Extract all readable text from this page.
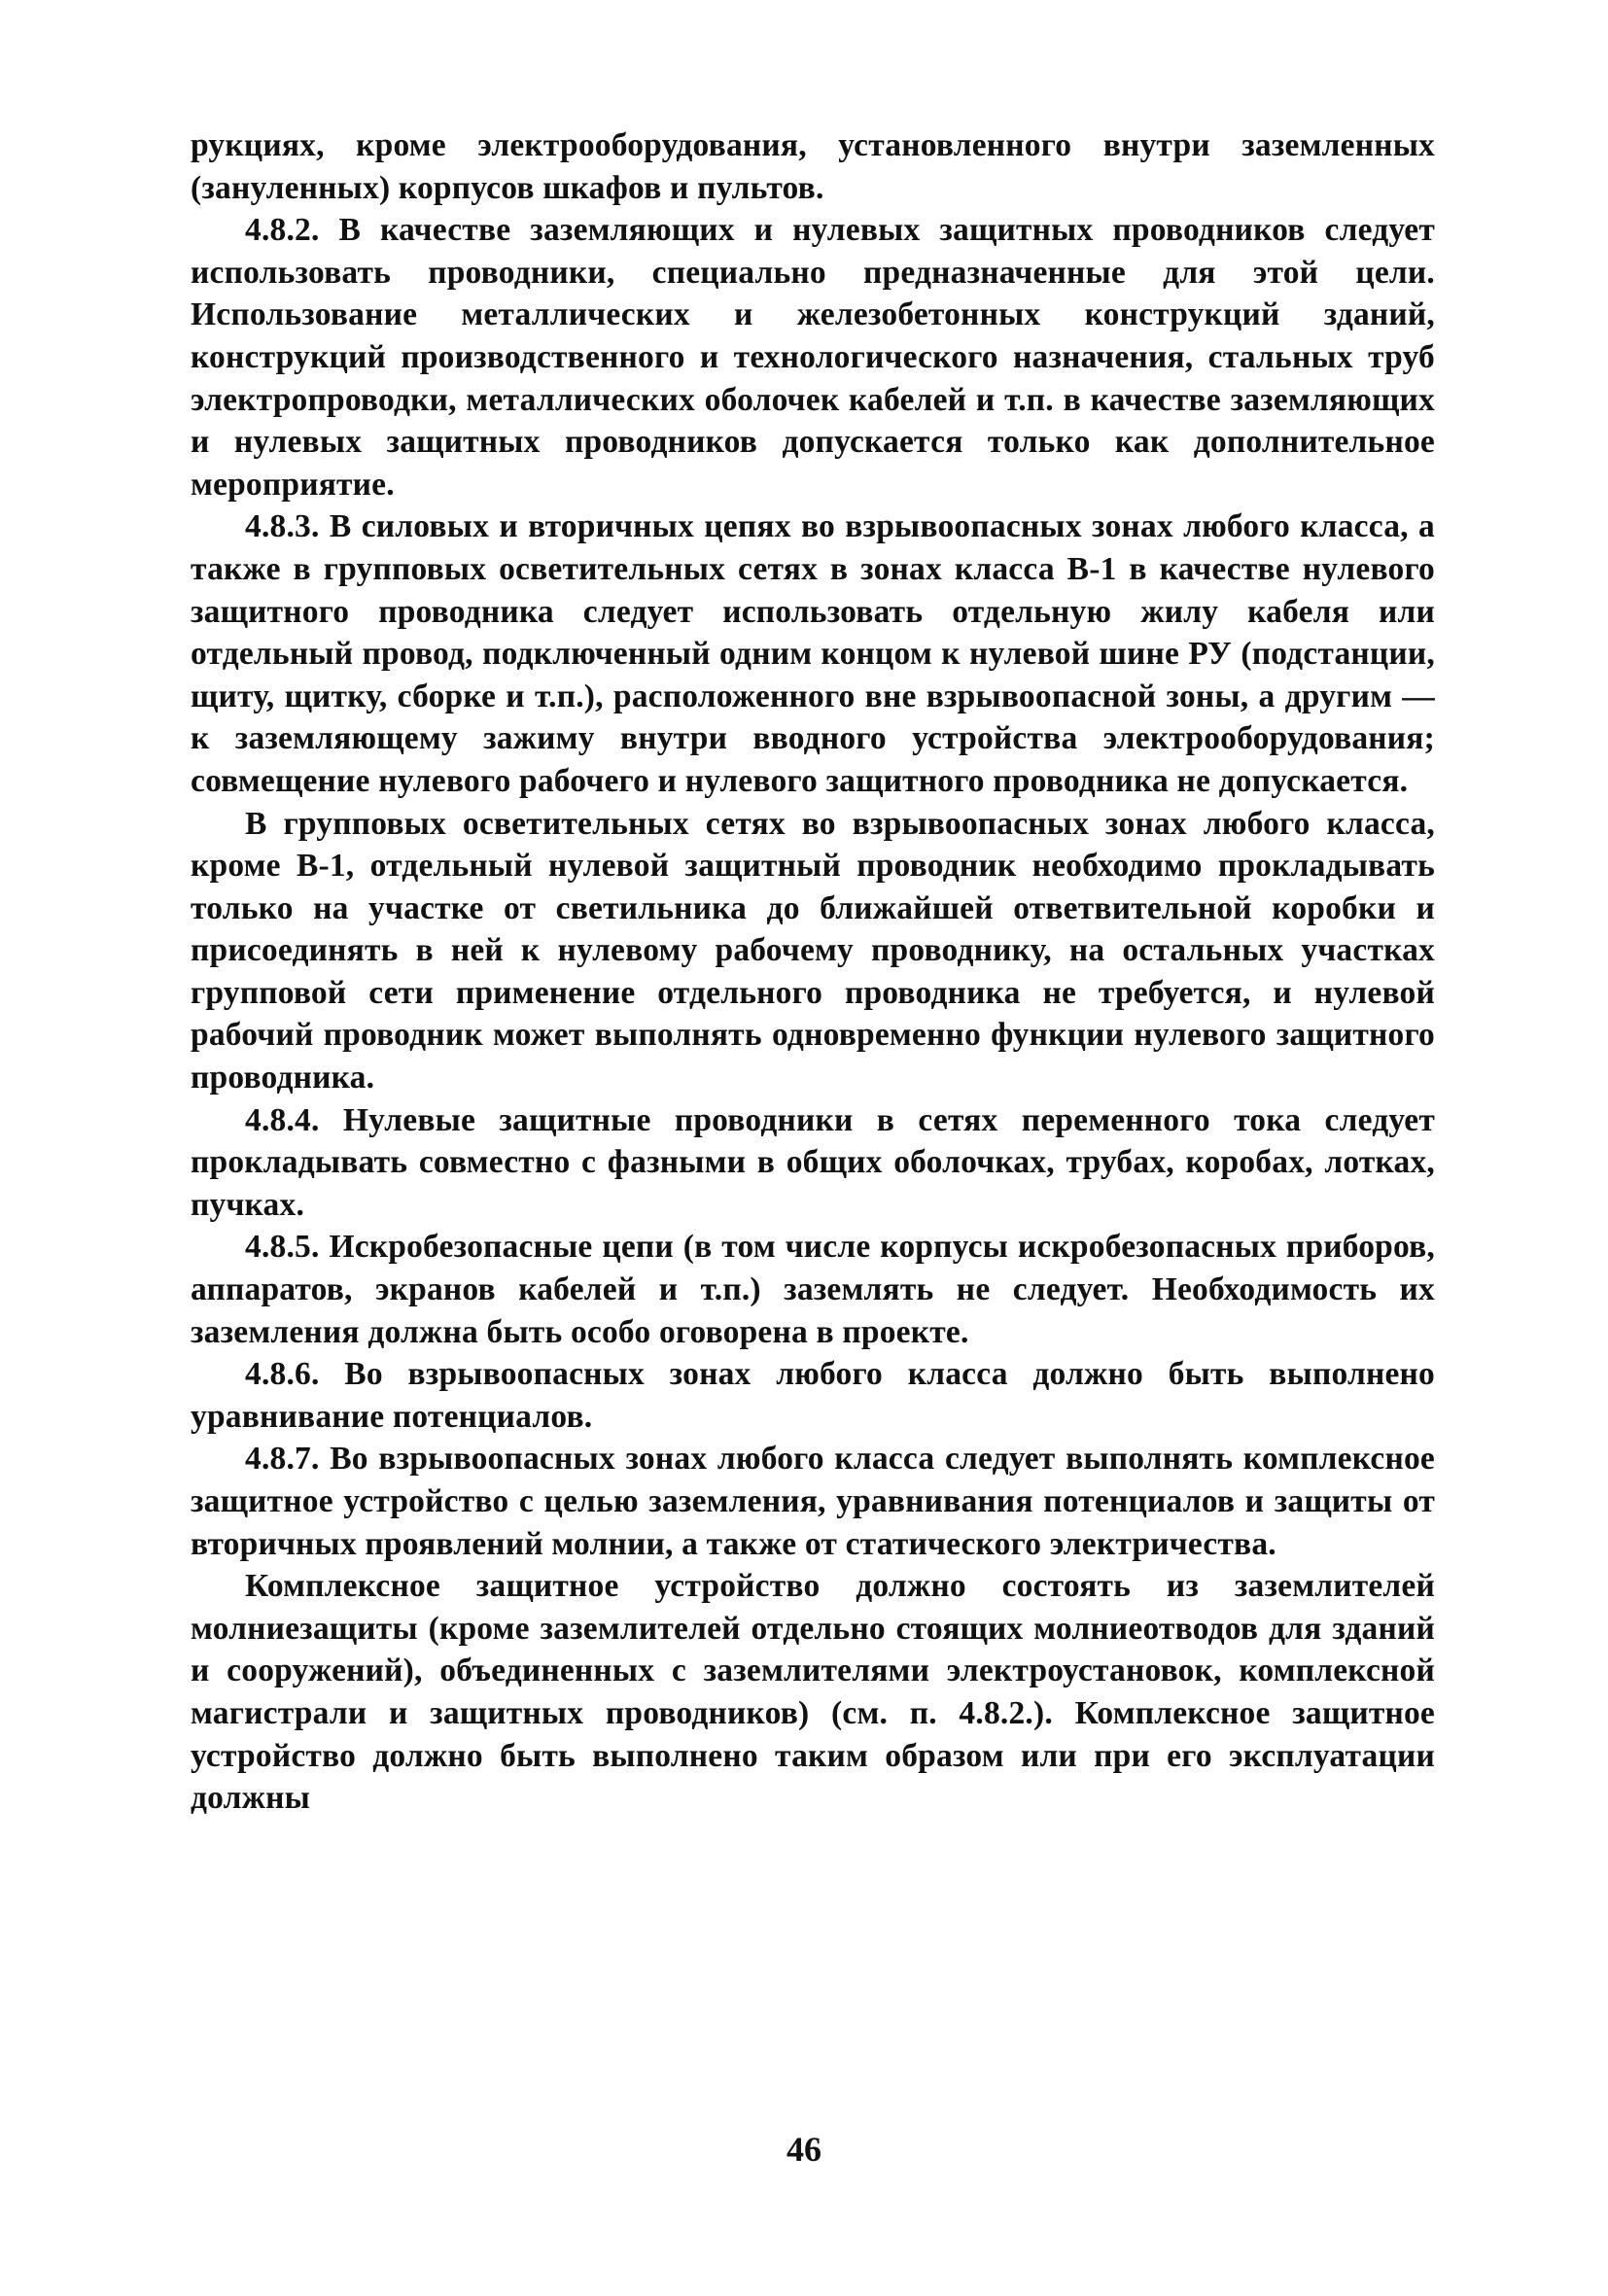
рукциях, кроме электрооборудования, установленного внутри заземленных (зануленных) корпусов шкафов и пультов.

4.8.2. В качестве заземляющих и нулевых защитных проводников следует использовать проводники, специально предназначенные для этой цели. Использование металлических и железобетонных конструкций зданий, конструкций производственного и технологического назначения, стальных труб электропроводки, металлических оболочек кабелей и т.п. в качестве заземляющих и нулевых защитных проводников допускается только как дополнительное мероприятие.

4.8.3. В силовых и вторичных цепях во взрывоопасных зонах любого класса, а также в групповых осветительных сетях в зонах класса В-1 в качестве нулевого защитного проводника следует использовать отдельную жилу кабеля или отдельный провод, подключенный одним концом к нулевой шине РУ (подстанции, щиту, щитку, сборке и т.п.), расположенного вне взрывоопасной зоны, а другим — к заземляющему зажиму внутри вводного устройства электрооборудования; совмещение нулевого рабочего и нулевого защитного проводника не допускается.

В групповых осветительных сетях во взрывоопасных зонах любого класса, кроме В-1, отдельный нулевой защитный проводник необходимо прокладывать только на участке от светильника до ближайшей ответвительной коробки и присоединять в ней к нулевому рабочему проводнику, на остальных участках групповой сети применение отдельного проводника не требуется, и нулевой рабочий проводник может выполнять одновременно функции нулевого защитного проводника.

4.8.4. Нулевые защитные проводники в сетях переменного тока следует прокладывать совместно с фазными в общих оболочках, трубах, коробах, лотках, пучках.

4.8.5. Искробезопасные цепи (в том числе корпусы искробезопасных приборов, аппаратов, экранов кабелей и т.п.) заземлять не следует. Необходимость их заземления должна быть особо оговорена в проекте.

4.8.6. Во взрывоопасных зонах любого класса должно быть выполнено уравнивание потенциалов.

4.8.7. Во взрывоопасных зонах любого класса следует выполнять комплексное защитное устройство с целью заземления, уравнивания потенциалов и защиты от вторичных проявлений молнии, а также от статического электричества.

Комплексное защитное устройство должно состоять из заземлителей молниезащиты (кроме заземлителей отдельно стоящих молниеотводов для зданий и сооружений), объединенных с заземлителями электроустановок, комплексной магистрали и защитных проводников) (см. п. 4.8.2.). Комплексное защитное устройство должно быть выполнено таким образом или при его эксплуатации должны

46
